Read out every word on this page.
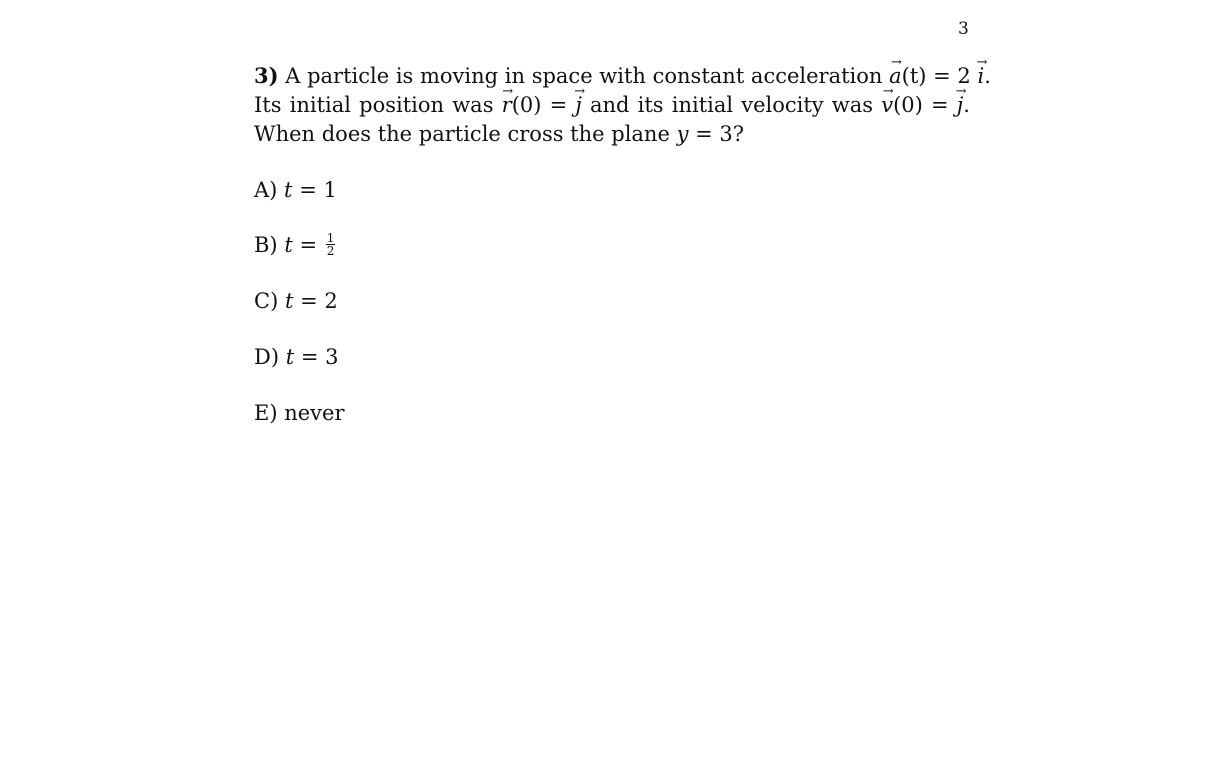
3
3) A particle is moving in space with constant acceleration → a(t) = 2 → i.
Its initial position was → r(0) = → j and its initial velocity was → v(0) = → j.
When does the particle cross the plane y = 3?
A) t = 1
B) $t = \frac{1}{2}$
C) t = 2
D) t = 3
E) never
